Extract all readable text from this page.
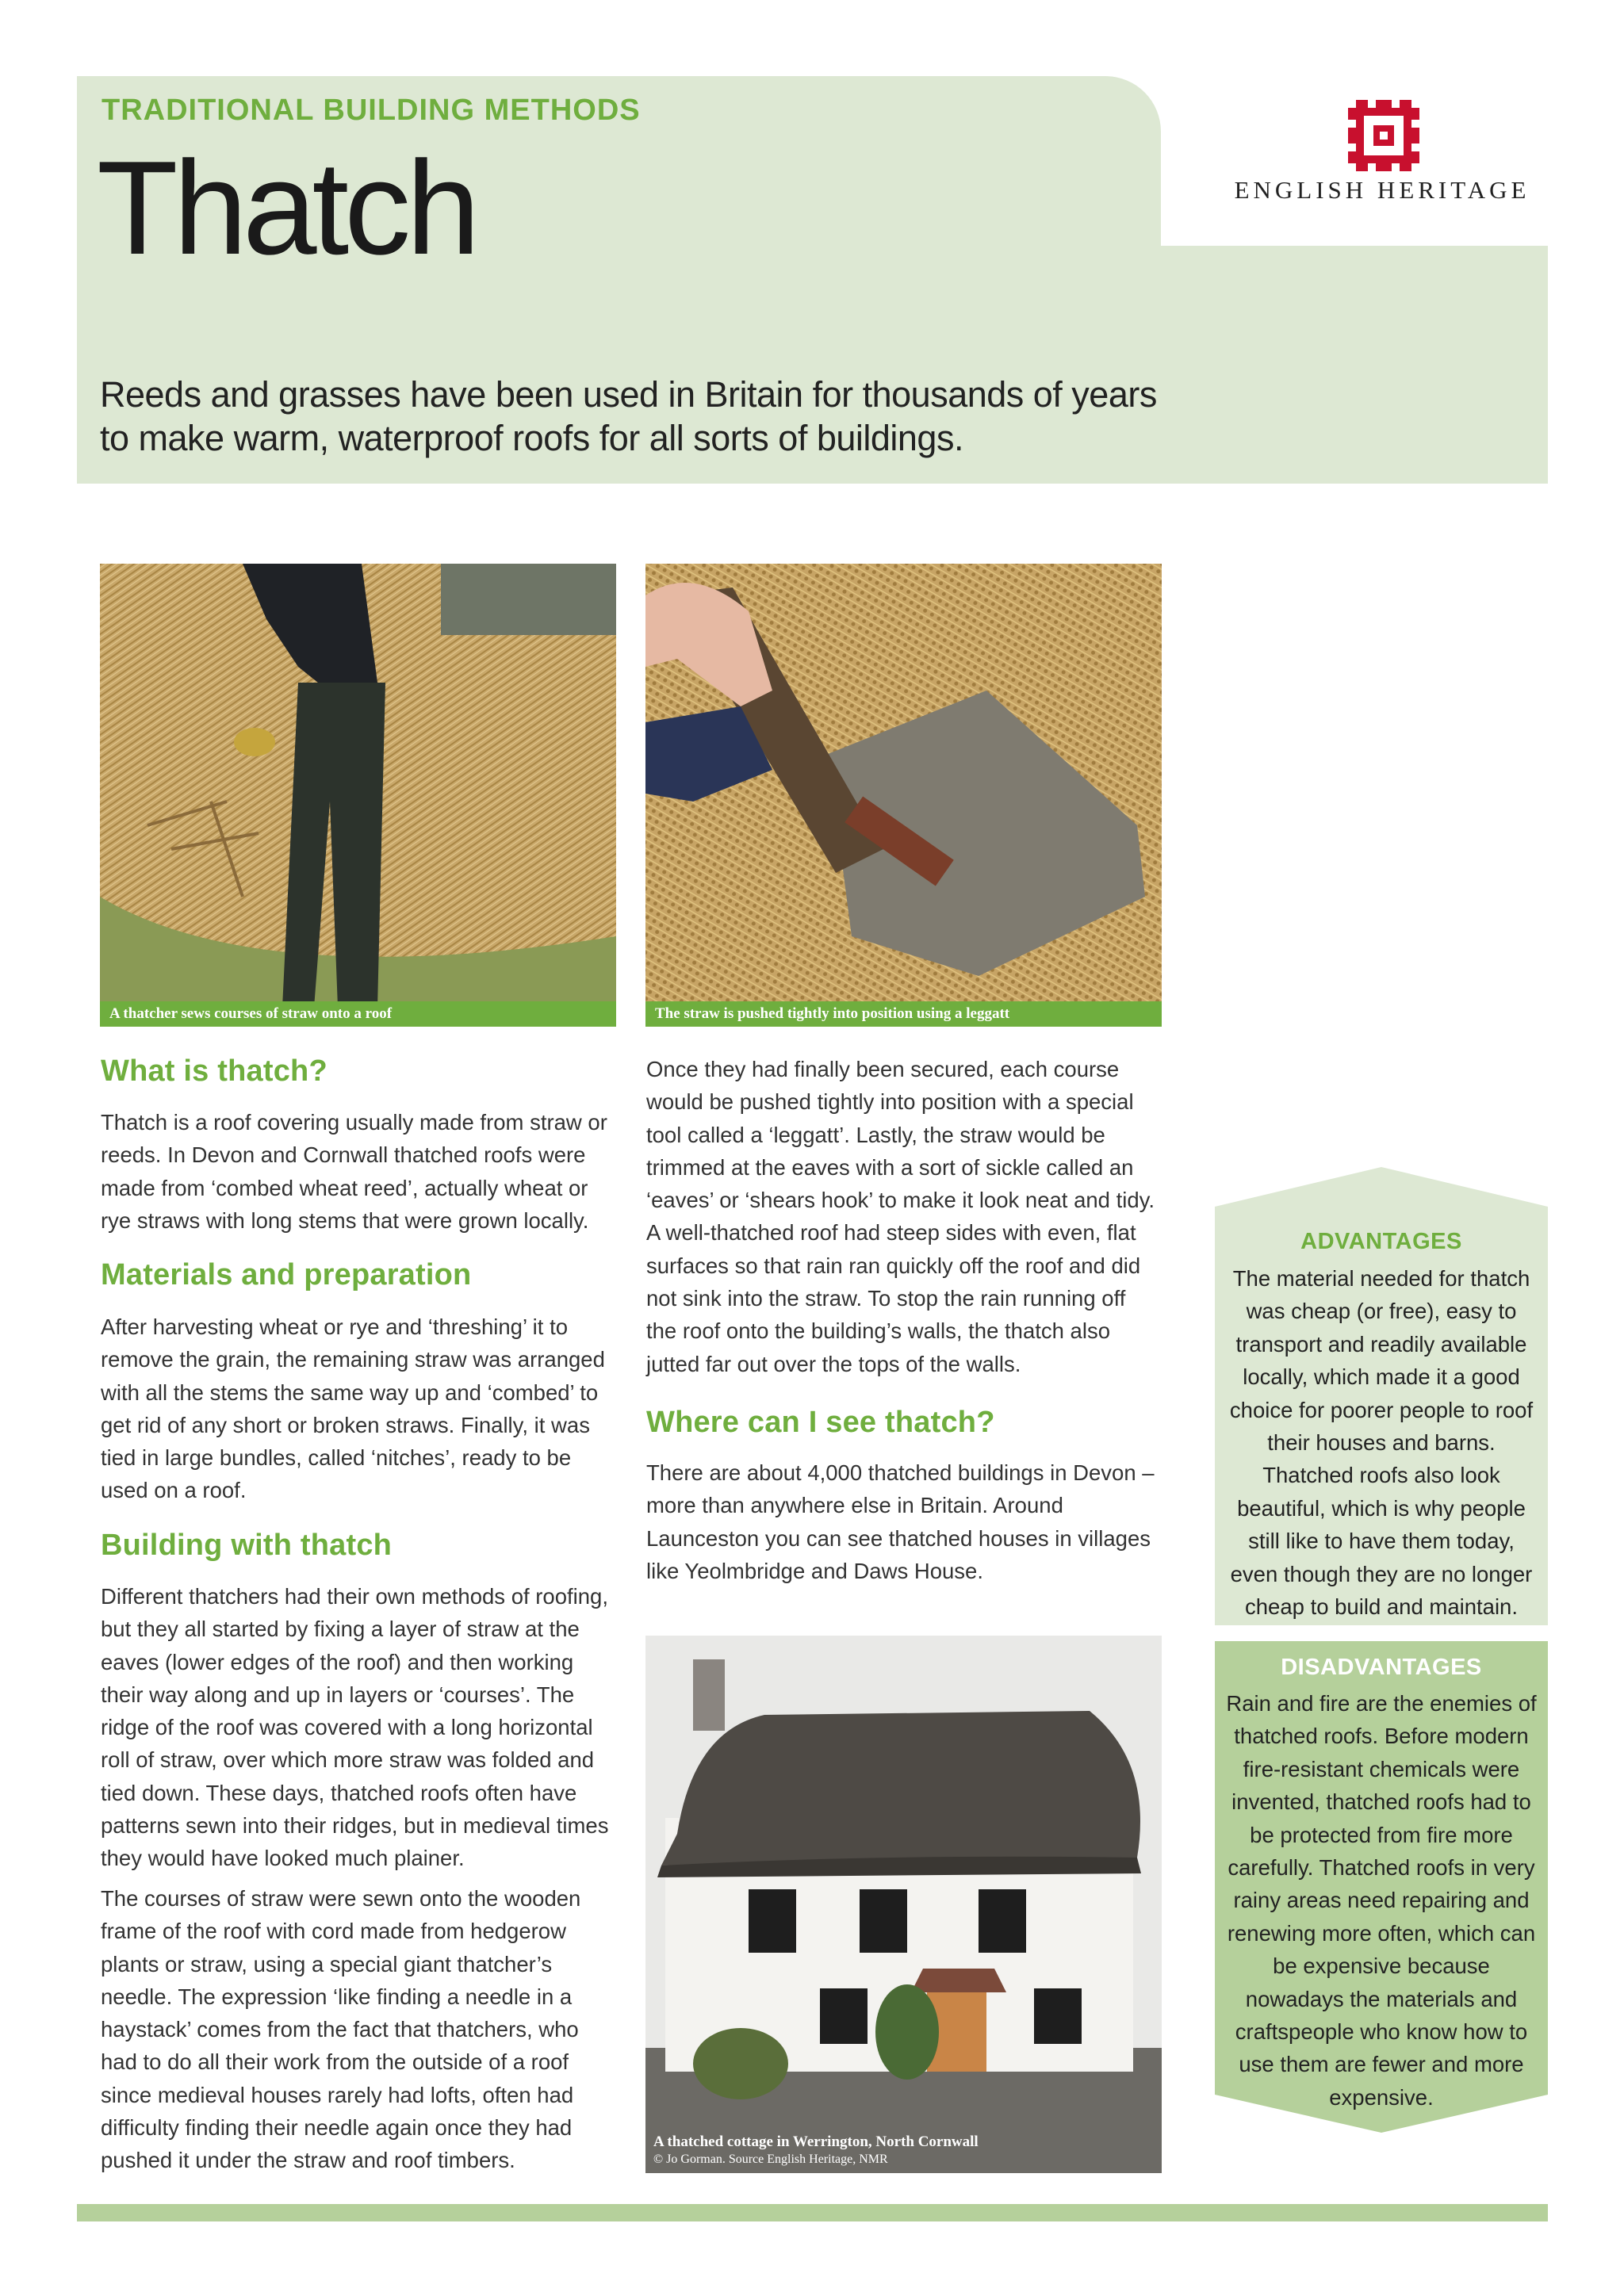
TRADITIONAL BUILDING METHODS
Thatch
Reeds and grasses have been used in Britain for thousands of years to make warm, waterproof roofs for all sorts of buildings.
ENGLISH HERITAGE
A thatcher sews courses of straw onto a roof	The straw is pushed tightly into position using a leggatt
A thatched cottage in Werrington, North Cornwall
© Jo Gorman. Source English Heritage, NMR
What is thatch?
Thatch is a roof covering usually made from straw or reeds. In Devon and Cornwall thatched roofs were made from ‘combed wheat reed’, actually wheat or rye straws with long stems that were grown locally.
Materials and preparation
After harvesting wheat or rye and ‘threshing’ it to remove the grain, the remaining straw was arranged with all the stems the same way up and ‘combed’ to get rid of any short or broken straws. Finally, it was tied in large bundles, called ‘nitches’, ready to be used on a roof.
Building with thatch
Different thatchers had their own methods of roofing, but they all started by fixing a layer of straw at the eaves (lower edges of the roof) and then working their way along and up in layers or ‘courses’. The ridge of the roof was covered with a long horizontal roll of straw, over which more straw was folded and tied down. These days, thatched roofs often have patterns sewn into their ridges, but in medieval times they would have looked much plainer.
The courses of straw were sewn onto the wooden frame of the roof with cord made from hedgerow plants or straw, using a special giant thatcher’s needle. The expression ‘like finding a needle in a haystack’ comes from the fact that thatchers, who had to do all their work from the outside of a roof since medieval houses rarely had lofts, often had difficulty finding their needle again once they had pushed it under the straw and roof timbers.
Once they had finally been secured, each course would be pushed tightly into position with a special tool called a ‘leggatt’. Lastly, the straw would be trimmed at the eaves with a sort of sickle called an ‘eaves’ or ‘shears hook’ to make it look neat and tidy. A well-thatched roof had steep sides with even, flat surfaces so that rain ran quickly off the roof and did not sink into the straw. To stop the rain running off the roof onto the building’s walls, the thatch also jutted far out over the tops of the walls.
Where can I see thatch?
There are about 4,000 thatched buildings in Devon – more than anywhere else in Britain. Around Launceston you can see thatched houses in villages like Yeolmbridge and Daws House.
ADVANTAGES
The material needed for thatch was cheap (or free), easy to transport and readily available locally, which made it a good choice for poorer people to roof their houses and barns. Thatched roofs also look beautiful, which is why people still like to have them today, even though they are no longer cheap to build and maintain.
DISADVANTAGES
Rain and fire are the enemies of thatched roofs. Before modern fire-resistant chemicals were invented, thatched roofs had to be protected from fire more carefully. Thatched roofs in very rainy areas need repairing and renewing more often, which can be expensive because nowadays the materials and craftspeople who know how to use them are fewer and more expensive.
